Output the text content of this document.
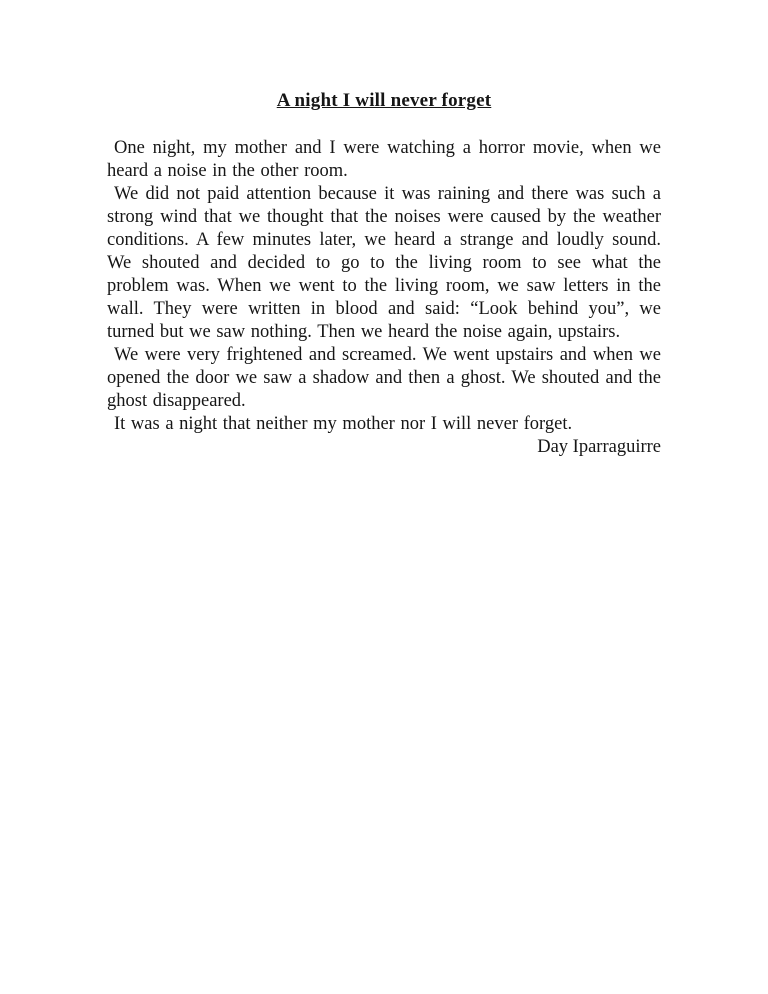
A night I will never forget

One night, my mother and I were watching a horror movie, when we heard a noise in the other room.

We did not paid attention because it was raining and there was such a strong wind that we thought that the noises were caused by the weather conditions. A few minutes later, we heard a strange and loudly sound. We shouted and decided to go to the living room to see what the problem was. When we went to the living room, we saw letters in the wall. They were written in blood and said: “Look behind you”, we turned but we saw nothing. Then we heard the noise again, upstairs.

We were very frightened and screamed. We went upstairs and when we opened the door we saw a shadow and then a ghost. We shouted and the ghost disappeared.

It was a night that neither my mother nor I will never forget.

Day Iparraguirre
